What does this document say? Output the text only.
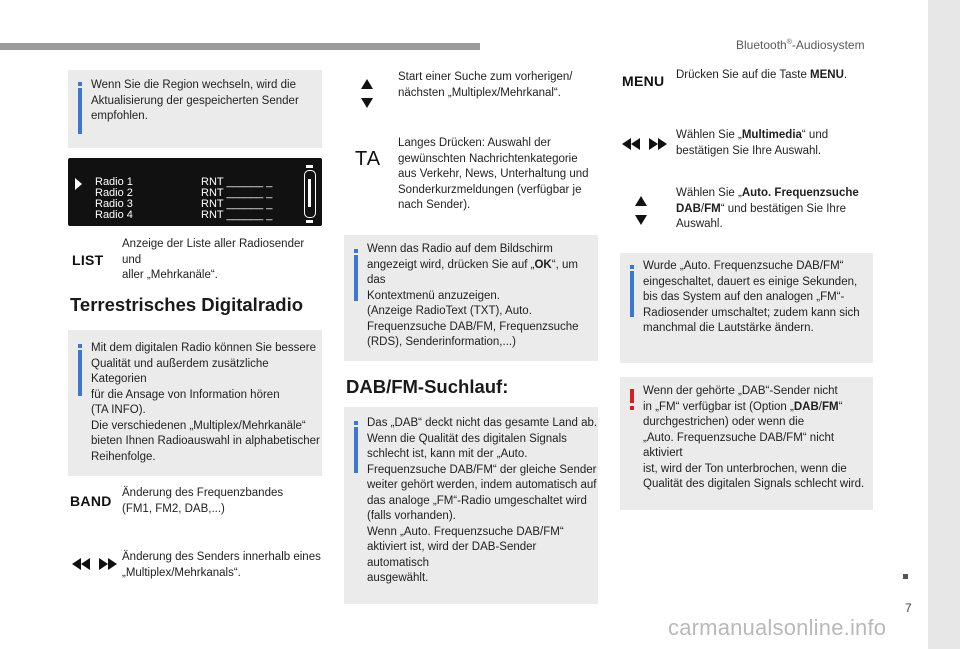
Bluetooth®-Audiosystem
Wenn Sie die Region wechseln, wird die
Aktualisierung der gespeicherten Sender
empfohlen.
Radio 1	RNT ______ _
Radio 2	RNT ______ _
Radio 3	RNT ______ _
Radio 4	RNT ______ _
LIST
Anzeige der Liste aller Radiosender und
aller „Mehrkanäle“.
Terrestrisches Digitalradio
Mit dem digitalen Radio können Sie bessere
Qualität und außerdem zusätzliche Kategorien
für die Ansage von Information hören
(TA INFO).
Die verschiedenen „Multiplex/Mehrkanäle“
bieten Ihnen Radioauswahl in alphabetischer
Reihenfolge.
BAND Änderung des Frequenzbandes
(FM1, FM2, DAB,...)
Änderung des Senders innerhalb eines
„Multiplex/Mehrkanals“.
Start einer Suche zum vorherigen/
nächsten „Multiplex/Mehrkanal“.
TA
Langes Drücken: Auswahl der
gewünschten Nachrichtenkategorie
aus Verkehr, News, Unterhaltung und
Sonderkurzmeldungen (verfügbar je
nach Sender).
Wenn das Radio auf dem Bildschirm
angezeigt wird, drücken Sie auf „OK“, um das
Kontextmenü anzuzeigen.
(Anzeige RadioText (TXT), Auto.
Frequenzsuche DAB/FM, Frequenzsuche
(RDS), Senderinformation,...)
DAB/FM-Suchlauf:
Das „DAB“ deckt nicht das gesamte Land ab.
Wenn die Qualität des digitalen Signals
schlecht ist, kann mit der „Auto.
Frequenzsuche DAB/FM“ der gleiche Sender
weiter gehört werden, indem automatisch auf
das analoge „FM“-Radio umgeschaltet wird
(falls vorhanden).
Wenn „Auto. Frequenzsuche DAB/FM“
aktiviert ist, wird der DAB-Sender automatisch
ausgewählt.
MENU Drücken Sie auf die Taste MENU.
Wählen Sie „Multimedia“ und
bestätigen Sie Ihre Auswahl.
Wählen Sie „Auto. Frequenzsuche
DAB/FM“ und bestätigen Sie Ihre
Auswahl.
Wurde „Auto. Frequenzsuche DAB/FM“
eingeschaltet, dauert es einige Sekunden,
bis das System auf den analogen „FM“-
Radiosender umschaltet; zudem kann sich
manchmal die Lautstärke ändern.
Wenn der gehörte „DAB“-Sender nicht
in „FM“ verfügbar ist (Option „DAB/FM“
durchgestrichen) oder wenn die
„Auto. Frequenzsuche DAB/FM“ nicht aktiviert
ist, wird der Ton unterbrochen, wenn die
Qualität des digitalen Signals schlecht wird.
7
carmanualsonline.info
